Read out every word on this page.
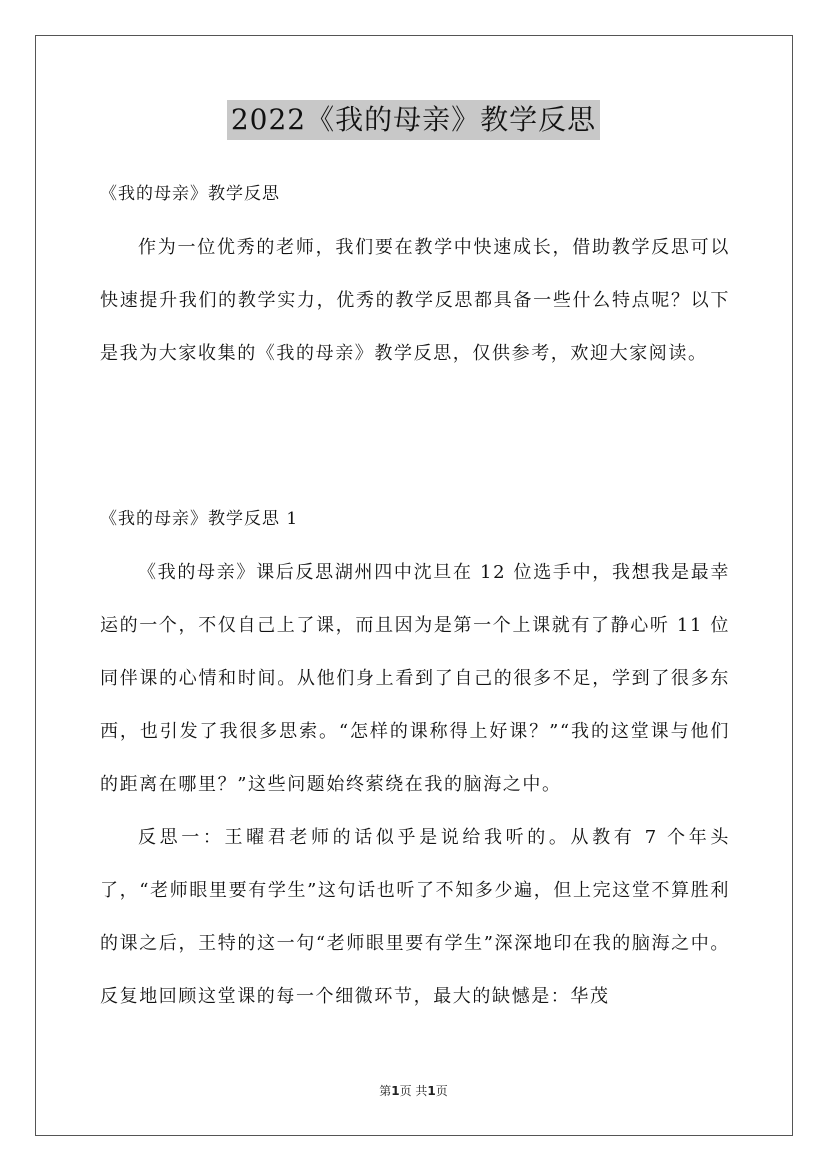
2022《我的母亲》教学反思
《我的母亲》教学反思

作为一位优秀的老师，我们要在教学中快速成长，借助教学反思可以快速提升我们的教学实力，优秀的教学反思都具备一些什么特点呢？以下是我为大家收集的《我的母亲》教学反思，仅供参考，欢迎大家阅读。

《我的母亲》教学反思 1

《我的母亲》课后反思湖州四中沈旦在 12 位选手中，我想我是最幸运的一个，不仅自己上了课，而且因为是第一个上课就有了静心听 11 位同伴课的心情和时间。从他们身上看到了自己的很多不足，学到了很多东西，也引发了我很多思索。“怎样的课称得上好课？”“我的这堂课与他们的距离在哪里？”这些问题始终萦绕在我的脑海之中。

反思一：王曜君老师的话似乎是说给我听的。从教有 7 个年头了，“老师眼里要有学生”这句话也听了不知多少遍，但上完这堂不算胜利的课之后，王特的这一句“老师眼里要有学生”深深地印在我的脑海之中。反复地回顾这堂课的每一个细微环节，最大的缺憾是：华茂

第1页 共1页
